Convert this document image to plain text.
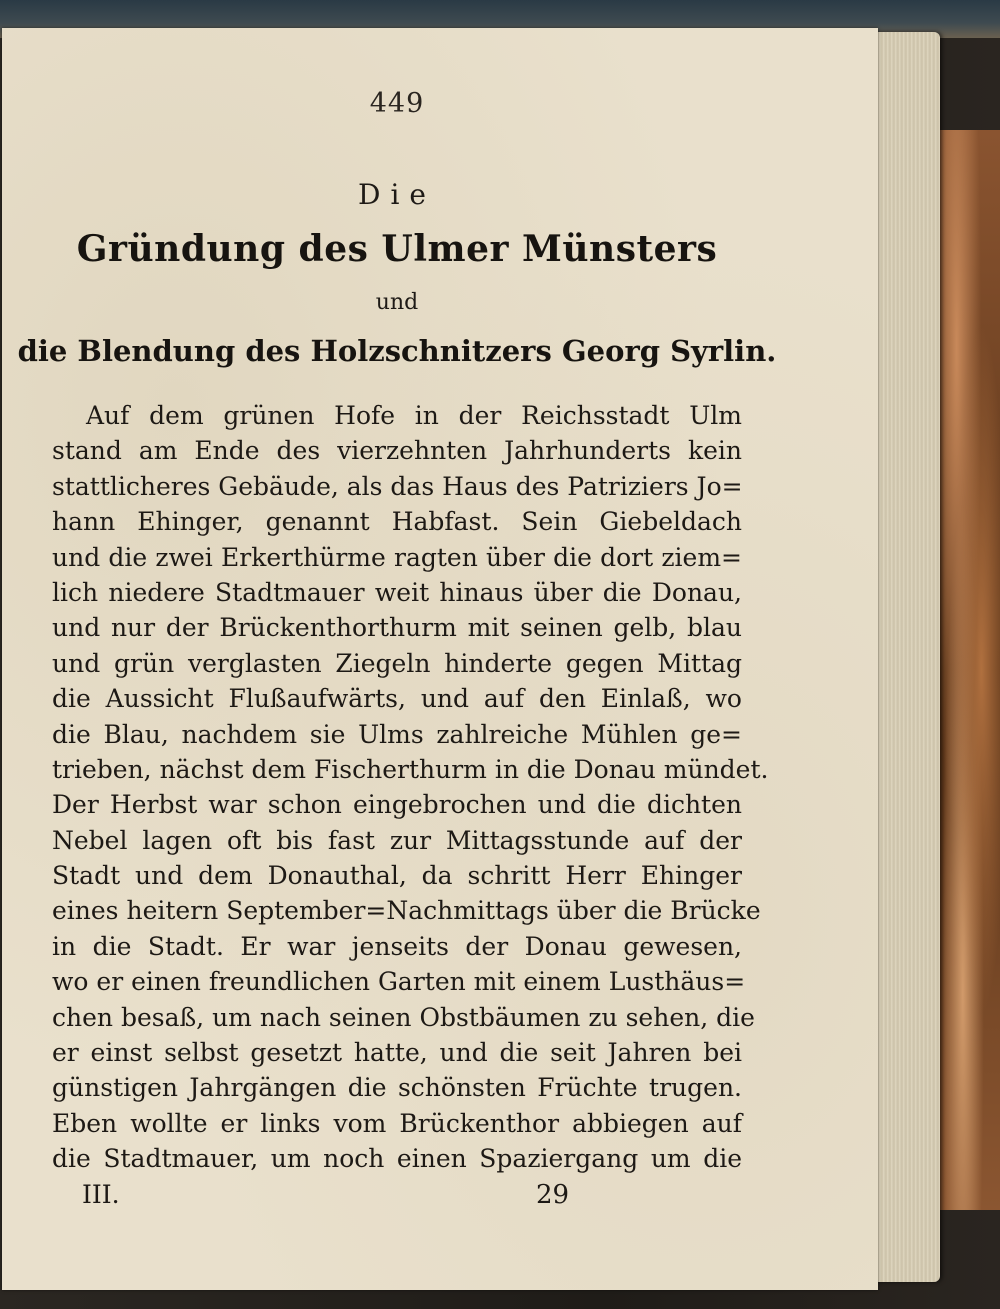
449
Die
Gründung des Ulmer Münsters
und
die Blendung des Holzschnitzers Georg Syrlin.
Auf dem grünen Hofe in der Reichsstadt Ulm
stand am Ende des vierzehnten Jahrhunderts kein
stattlicheres Gebäude, als das Haus des Patriziers Jo=
hann Ehinger, genannt Habfast. Sein Giebeldach
und die zwei Erkerthürme ragten über die dort ziem=
lich niedere Stadtmauer weit hinaus über die Donau,
und nur der Brückenthorthurm mit seinen gelb, blau
und grün verglasten Ziegeln hinderte gegen Mittag
die Aussicht Flußaufwärts, und auf den Einlaß, wo
die Blau, nachdem sie Ulms zahlreiche Mühlen ge=
trieben, nächst dem Fischerthurm in die Donau mündet.
Der Herbst war schon eingebrochen und die dichten
Nebel lagen oft bis fast zur Mittagsstunde auf der
Stadt und dem Donauthal, da schritt Herr Ehinger
eines heitern September=Nachmittags über die Brücke
in die Stadt. Er war jenseits der Donau gewesen,
wo er einen freundlichen Garten mit einem Lusthäus=
chen besaß, um nach seinen Obstbäumen zu sehen, die
er einst selbst gesetzt hatte, und die seit Jahren bei
günstigen Jahrgängen die schönsten Früchte trugen.
Eben wollte er links vom Brückenthor abbiegen auf
die Stadtmauer, um noch einen Spaziergang um die
III.	29
